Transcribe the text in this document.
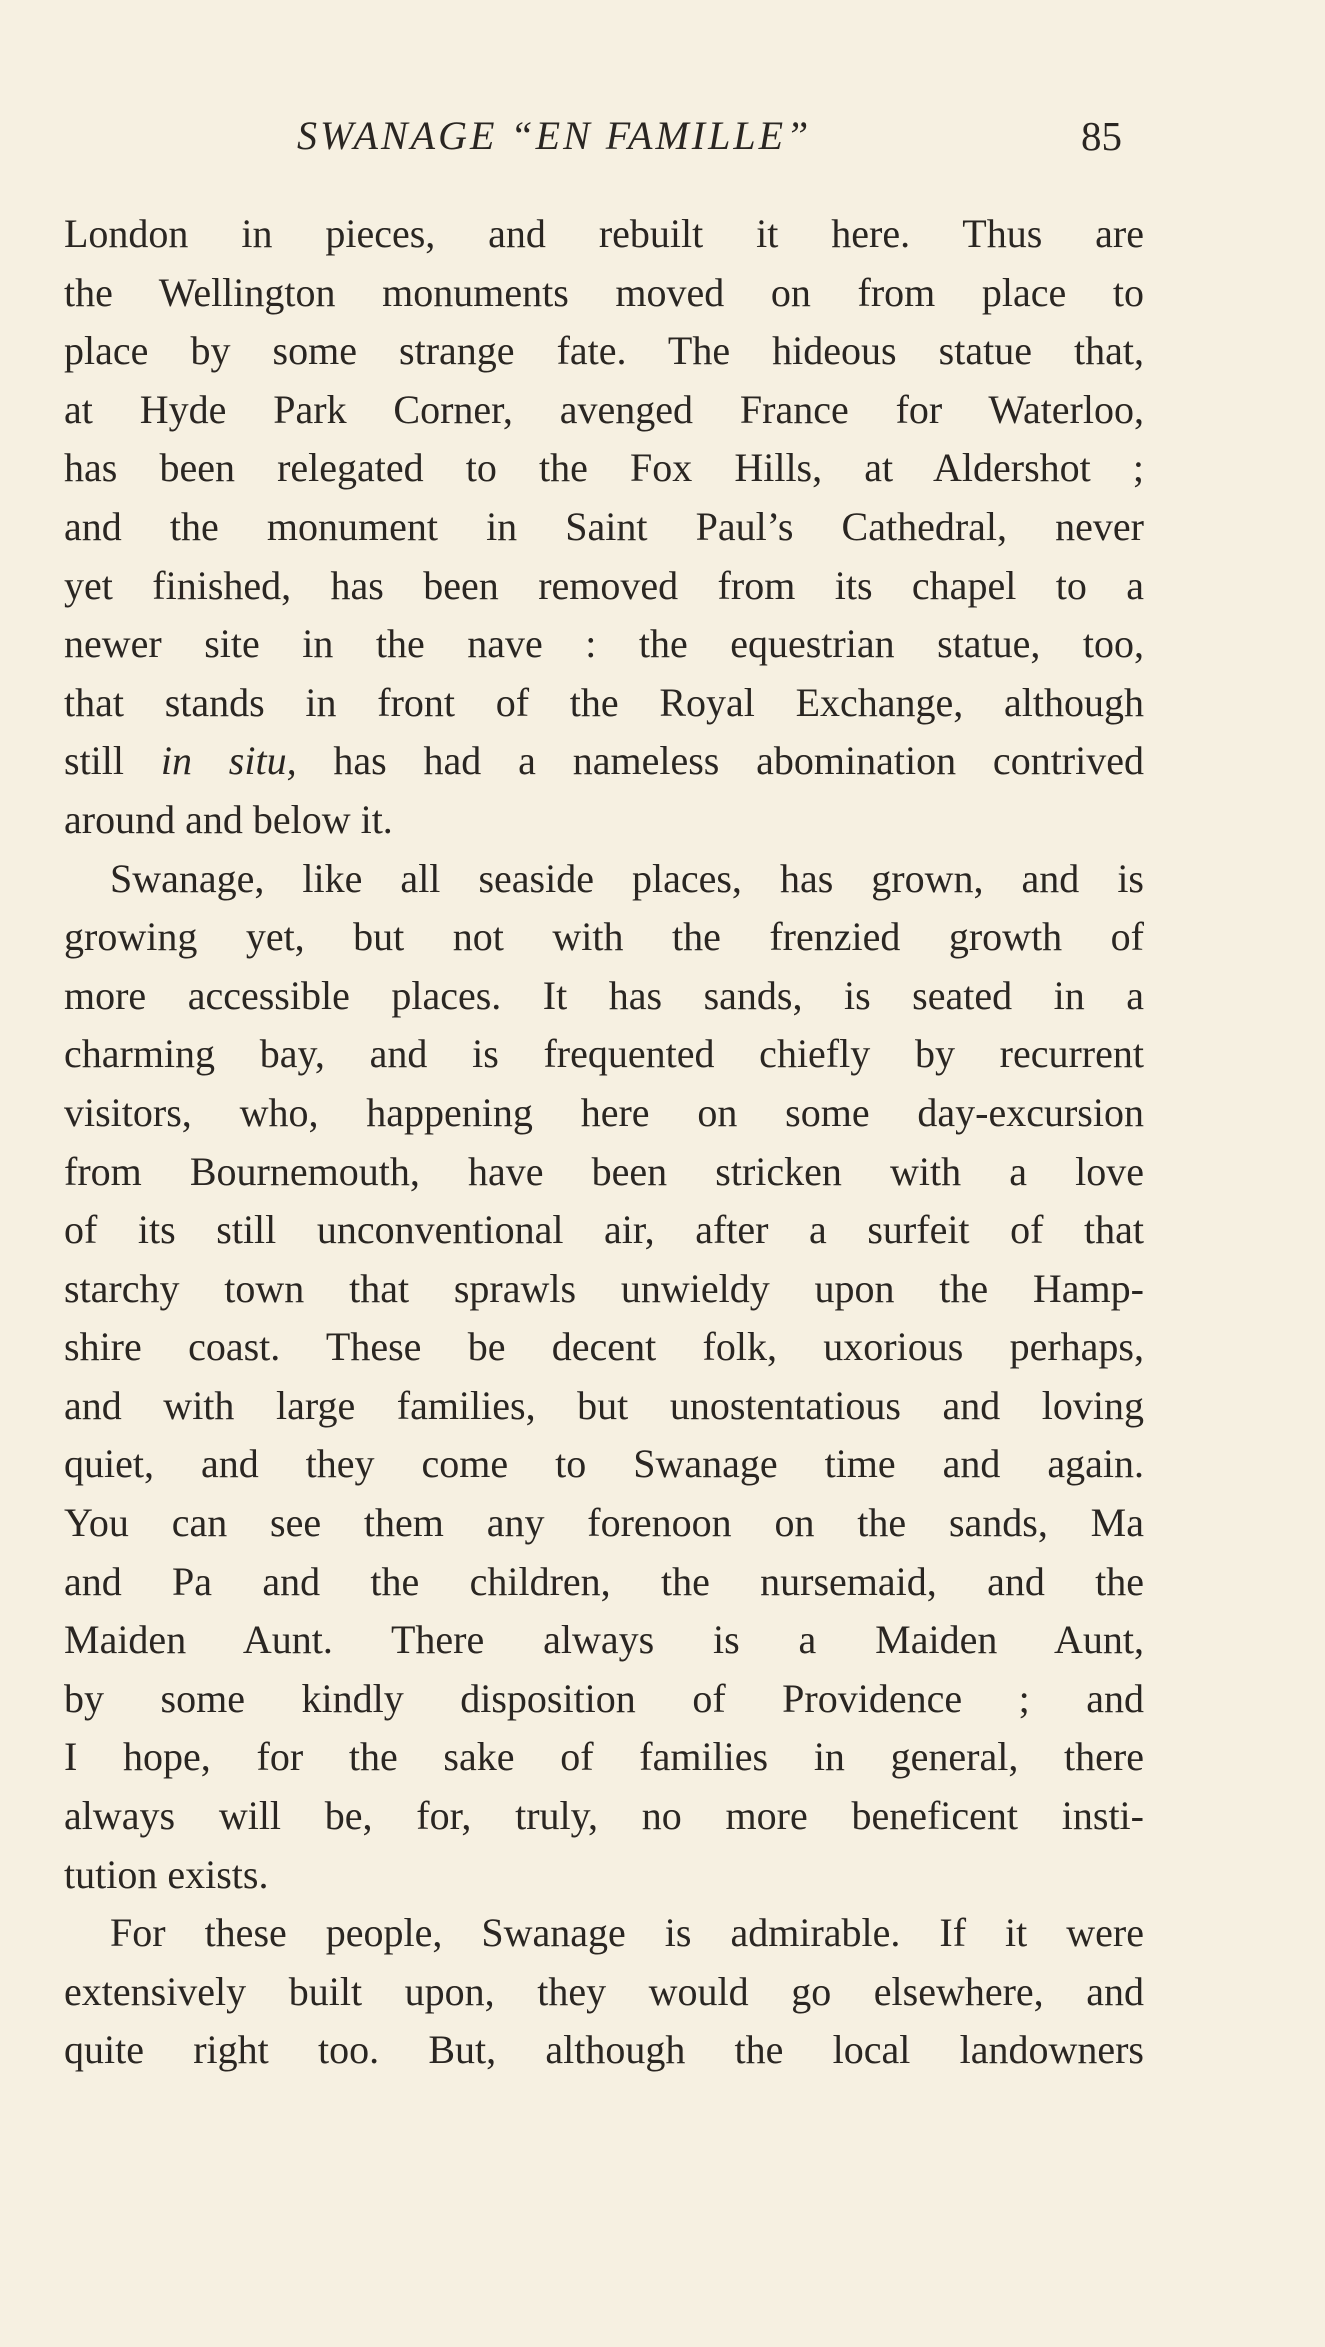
SWANAGE “EN FAMILLE”	85
London in pieces, and rebuilt it here. Thus are
the Wellington monuments moved on from place to
place by some strange fate. The hideous statue that,
at Hyde Park Corner, avenged France for Waterloo,
has been relegated to the Fox Hills, at Aldershot ;
and the monument in Saint Paul’s Cathedral, never
yet finished, has been removed from its chapel to a
newer site in the nave : the equestrian statue, too,
that stands in front of the Royal Exchange, although
still in situ, has had a nameless abomination contrived
around and below it.
Swanage, like all seaside places, has grown, and is
growing yet, but not with the frenzied growth of
more accessible places. It has sands, is seated in a
charming bay, and is frequented chiefly by recurrent
visitors, who, happening here on some day-excursion
from Bournemouth, have been stricken with a love
of its still unconventional air, after a surfeit of that
starchy town that sprawls unwieldy upon the Hamp-
shire coast. These be decent folk, uxorious perhaps,
and with large families, but unostentatious and loving
quiet, and they come to Swanage time and again.
You can see them any forenoon on the sands, Ma
and Pa and the children, the nursemaid, and the
Maiden Aunt. There always is a Maiden Aunt,
by some kindly disposition of Providence ; and
I hope, for the sake of families in general, there
always will be, for, truly, no more beneficent insti-
tution exists.
For these people, Swanage is admirable. If it were
extensively built upon, they would go elsewhere, and
quite right too. But, although the local landowners
